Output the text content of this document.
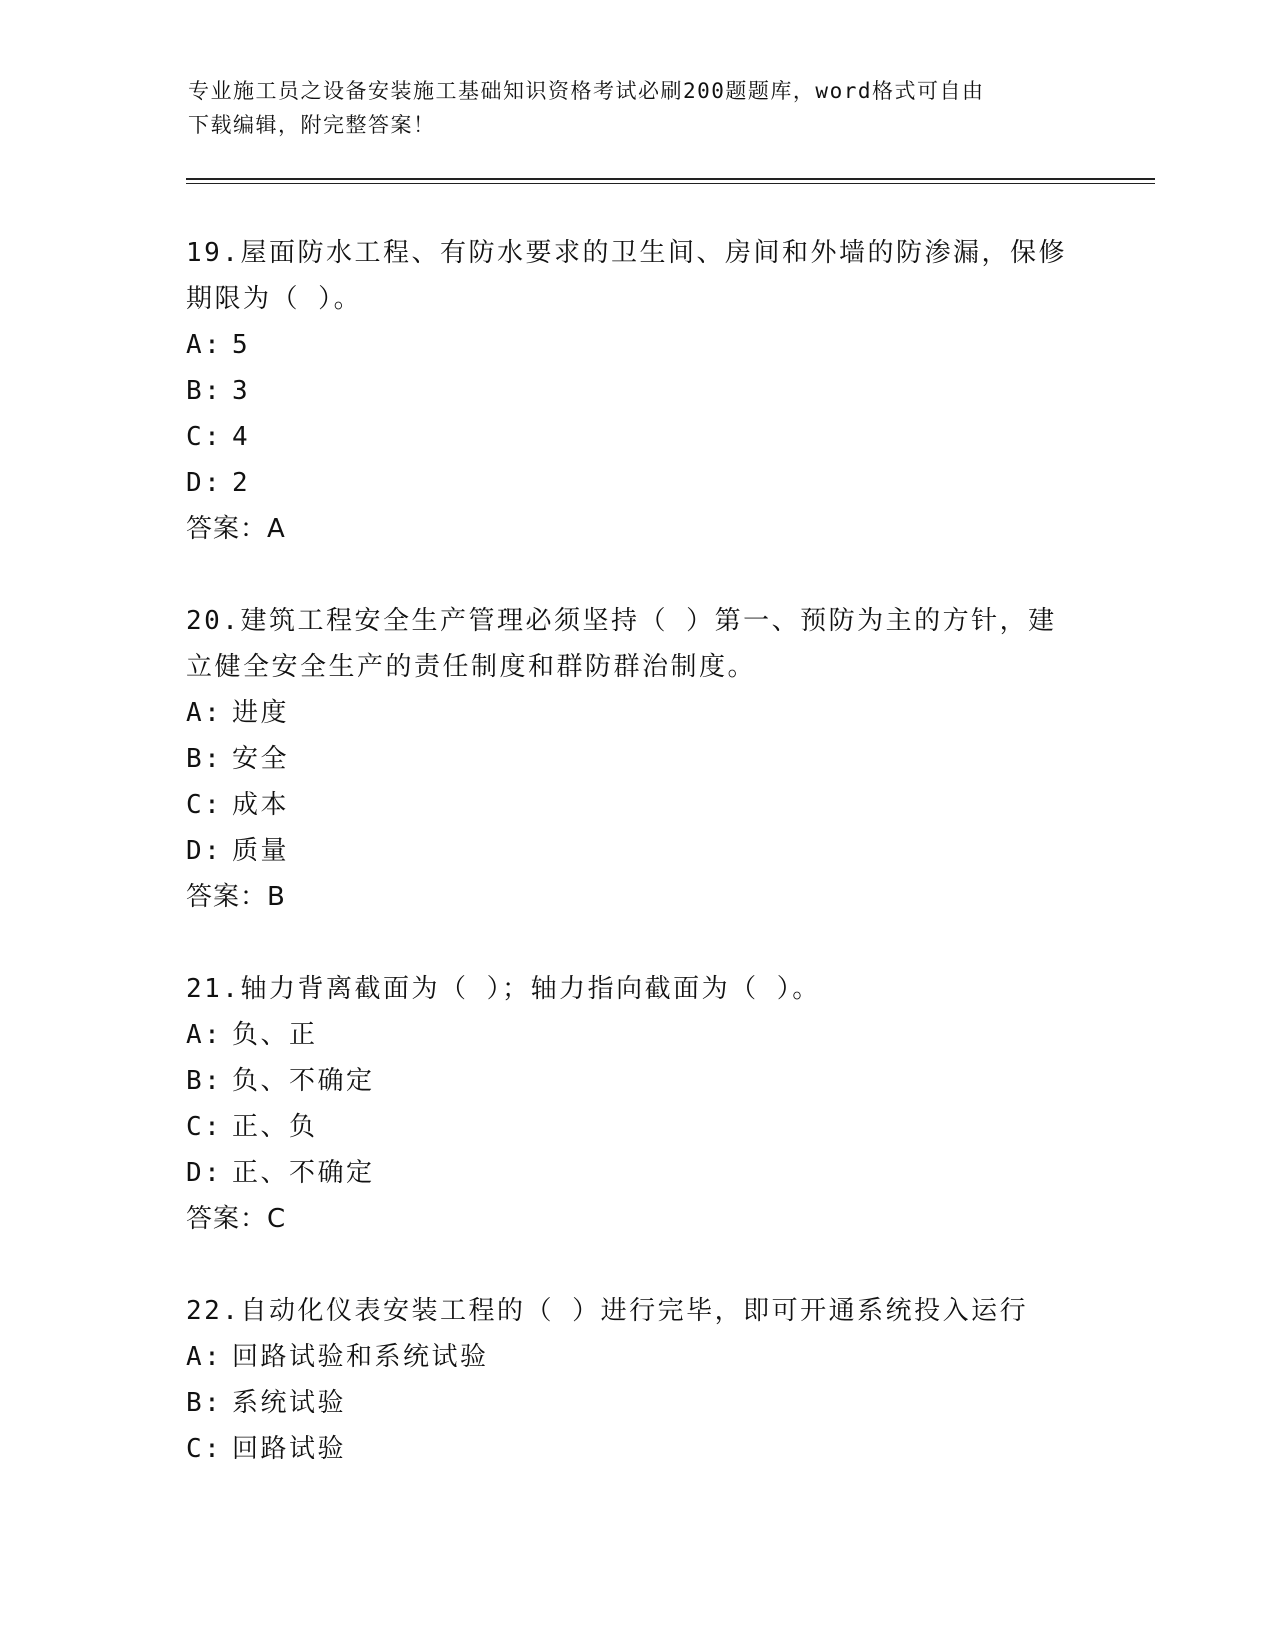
专业施工员之设备安装施工基础知识资格考试必刷200题题库，word格式可自由
下载编辑，附完整答案！
19.屋面防水工程、有防水要求的卫生间、房间和外墙的防渗漏，保修
期限为（ ）。
A: 5
B: 3
C: 4
D: 2
答案：A
20.建筑工程安全生产管理必须坚持（ ）第一、预防为主的方针，建
立健全安全生产的责任制度和群防群治制度。
A: 进度
B: 安全
C: 成本
D: 质量
答案：B
21.轴力背离截面为（ ）；轴力指向截面为（ ）。
A: 负、正
B: 负、不确定
C: 正、负
D: 正、不确定
答案：C
22.自动化仪表安装工程的（ ）进行完毕，即可开通系统投入运行
A: 回路试验和系统试验
B: 系统试验
C: 回路试验
